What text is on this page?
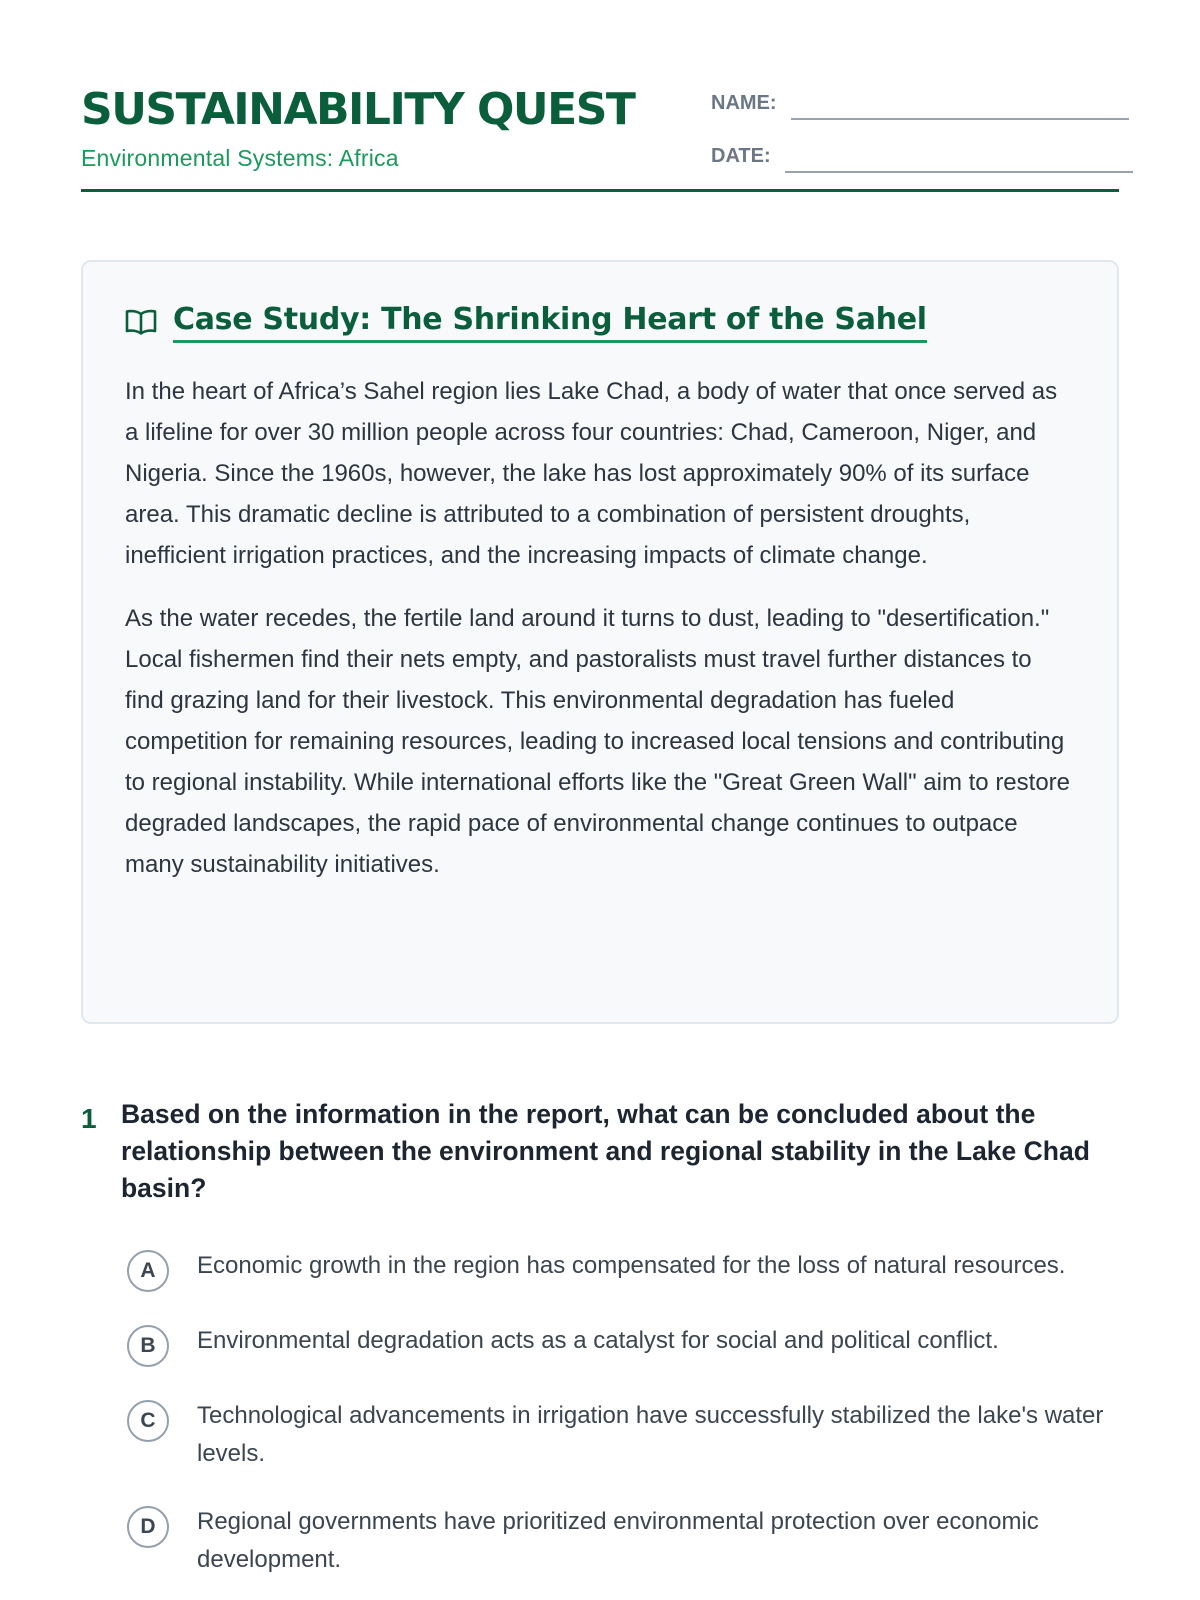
SUSTAINABILITY QUEST
Environmental Systems: Africa
NAME:
DATE:
Case Study: The Shrinking Heart of the Sahel

In the heart of Africa’s Sahel region lies Lake Chad, a body of water that once served as a lifeline for over 30 million people across four countries: Chad, Cameroon, Niger, and Nigeria. Since the 1960s, however, the lake has lost approximately 90% of its surface area. This dramatic decline is attributed to a combination of persistent droughts, inefficient irrigation practices, and the increasing impacts of climate change.

As the water recedes, the fertile land around it turns to dust, leading to "desertification." Local fishermen find their nets empty, and pastoralists must travel further distances to find grazing land for their livestock. This environmental degradation has fueled competition for remaining resources, leading to increased local tensions and contributing to regional instability. While international efforts like the "Great Green Wall" aim to restore degraded landscapes, the rapid pace of environmental change continues to outpace many sustainability initiatives.

1 Based on the information in the report, what can be concluded about the relationship between the environment and regional stability in the Lake Chad basin?

A	Economic growth in the region has compensated for the loss of natural resources.
B	Environmental degradation acts as a catalyst for social and political conflict.
C	Technological advancements in irrigation have successfully stabilized the lake's water levels.
D	Regional governments have prioritized environmental protection over economic development.
